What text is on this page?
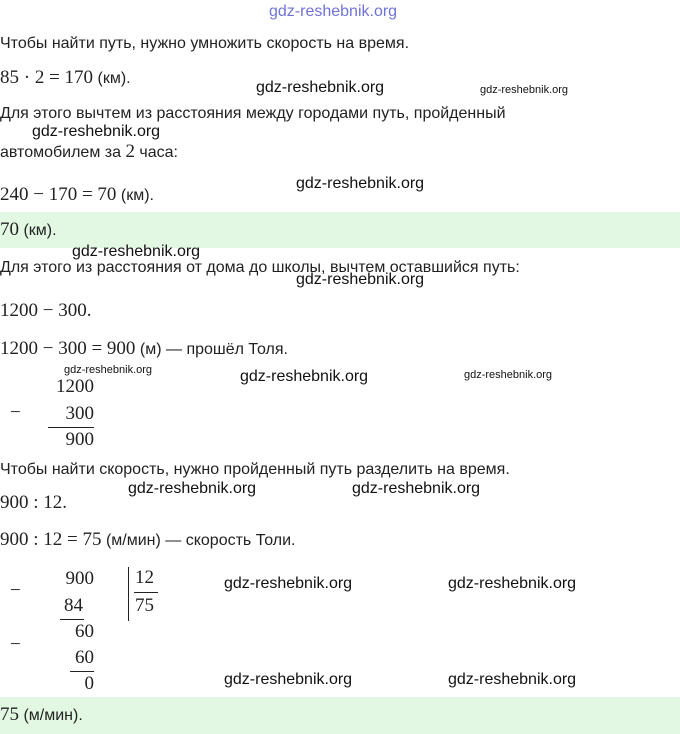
gdz-reshebnik.org
Чтобы найти путь, нужно умножить скорость на время.
85 · 2 = 170 (км).
gdz-reshebnik.org	gdz-reshebnik.org
Для этого вычтем из расстояния между городами путь, пройденный
gdz-reshebnik.org
автомобилем за 2 часа:
gdz-reshebnik.org
240 − 170 = 70 (км).
70 (км).
gdz-reshebnik.org
Для этого из расстояния от дома до школы, вычтем оставшийся путь:
gdz-reshebnik.org
1200 − 300.
1200 − 300 = 900 (м) — прошёл Толя.
gdz-reshebnik.org	gdz-reshebnik.org	gdz-reshebnik.org
−
1200
300
900
Чтобы найти скорость, нужно пройденный путь разделить на время.
900 : 12.
gdz-reshebnik.org	gdz-reshebnik.org
900 : 12 = 75 (м/мин) — скорость Толи.
−
900
84
12
75
gdz-reshebnik.org	gdz-reshebnik.org
−
60
60
0	gdz-reshebnik.org	gdz-reshebnik.org
75 (м/мин).
